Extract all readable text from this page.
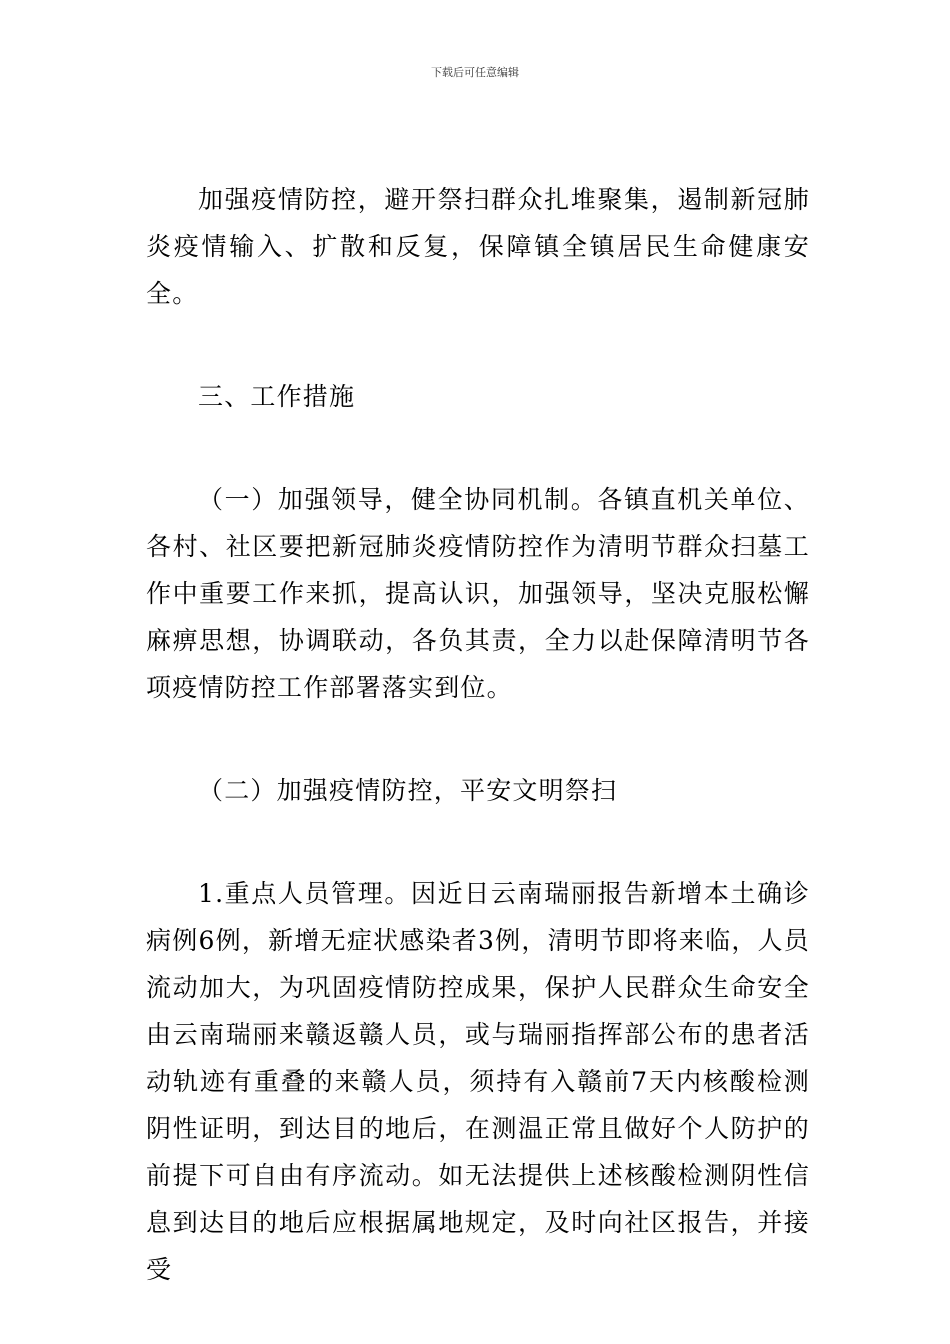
下载后可任意编辑

加强疫情防控，避开祭扫群众扎堆聚集，遏制新冠肺炎疫情输入、扩散和反复，保障镇全镇居民生命健康安全。

三、工作措施

（一）加强领导，健全协同机制。各镇直机关单位、各村、社区要把新冠肺炎疫情防控作为清明节群众扫墓工作中重要工作来抓，提高认识，加强领导，坚决克服松懈麻痹思想，协调联动，各负其责，全力以赴保障清明节各项疫情防控工作部署落实到位。

（二）加强疫情防控，平安文明祭扫

1.重点人员管理。因近日云南瑞丽报告新增本土确诊病例6例，新增无症状感染者3例，清明节即将来临，人员流动加大，为巩固疫情防控成果，保护人民群众生命安全由云南瑞丽来赣返赣人员，或与瑞丽指挥部公布的患者活动轨迹有重叠的来赣人员，须持有入赣前7天内核酸检测阴性证明，到达目的地后，在测温正常且做好个人防护的前提下可自由有序流动。如无法提供上述核酸检测阴性信息到达目的地后应根据属地规定，及时向社区报告，并接受
